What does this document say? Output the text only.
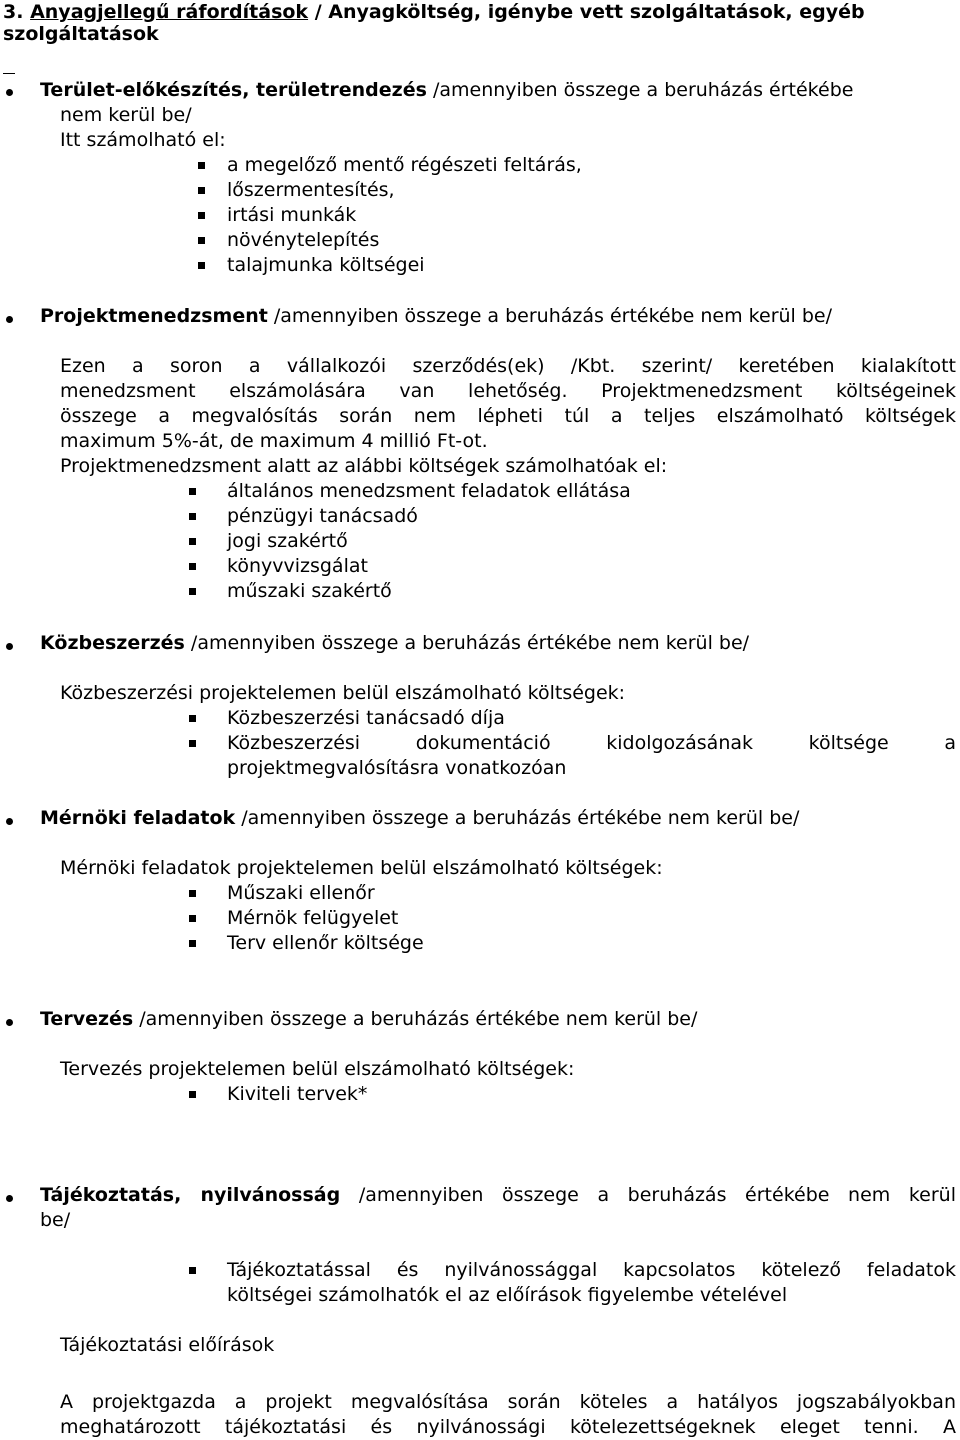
3. Anyagjellegű ráfordítások / Anyagköltség, igénybe vett szolgáltatások, egyéb
szolgáltatások
Terület-előkészítés, területrendezés /amennyiben összege a beruházás értékébe
nem kerül be/
Itt számolható el:
a megelőző mentő régészeti feltárás,
lőszermentesítés,
irtási munkák
növénytelepítés
talajmunka költségei
Projektmenedzsment /amennyiben összege a beruházás értékébe nem kerül be/
Ezen a soron a vállalkozói szerződés(ek) /Kbt. szerint/ keretében kialakított
menedzsment elszámolására van lehetőség. Projektmenedzsment költségeinek
összege a megvalósítás során nem lépheti túl a teljes elszámolható költségek
maximum 5%-át, de maximum 4 millió Ft-ot.
Projektmenedzsment alatt az alábbi költségek számolhatóak el:
általános menedzsment feladatok ellátása
pénzügyi tanácsadó
jogi szakértő
könyvvizsgálat
műszaki szakértő
Közbeszerzés /amennyiben összege a beruházás értékébe nem kerül be/
Közbeszerzési projektelemen belül elszámolható költségek:
Közbeszerzési tanácsadó díja
Közbeszerzési dokumentáció kidolgozásának költsége a
projektmegvalósításra vonatkozóan
Mérnöki feladatok /amennyiben összege a beruházás értékébe nem kerül be/
Mérnöki feladatok projektelemen belül elszámolható költségek:
Műszaki ellenőr
Mérnök felügyelet
Terv ellenőr költsége
Tervezés /amennyiben összege a beruházás értékébe nem kerül be/
Tervezés projektelemen belül elszámolható költségek:
Kiviteli tervek*
Tájékoztatás, nyilvánosság /amennyiben összege a beruházás értékébe nem kerül
be/
Tájékoztatással és nyilvánossággal kapcsolatos kötelező feladatok
költségei számolhatók el az előírások figyelembe vételével
Tájékoztatási előírások
A projektgazda a projekt megvalósítása során köteles a hatályos jogszabályokban
meghatározott tájékoztatási és nyilvánossági kötelezettségeknek eleget tenni. A
